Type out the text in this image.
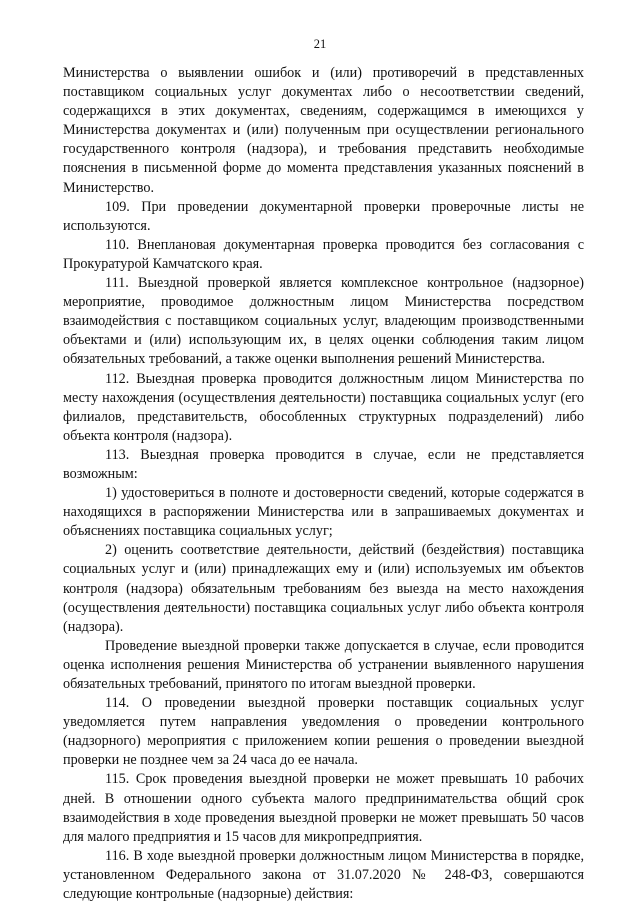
21

Министерства о выявлении ошибок и (или) противоречий в представленных поставщиком социальных услуг документах либо о несоответствии сведений, содержащихся в этих документах, сведениям, содержащимся в имеющихся у Министерства документах и (или) полученным при осуществлении регионального государственного контроля (надзора), и требования представить необходимые пояснения в письменной форме до момента представления указанных пояснений в Министерство.

109. При проведении документарной проверки проверочные листы не используются.

110. Внеплановая документарная проверка проводится без согласования с Прокуратурой Камчатского края.

111. Выездной проверкой является комплексное контрольное (надзорное) мероприятие, проводимое должностным лицом Министерства посредством взаимодействия с поставщиком социальных услуг, владеющим производственными объектами и (или) использующим их, в целях оценки соблюдения таким лицом обязательных требований, а также оценки выполнения решений Министерства.

112. Выездная проверка проводится должностным лицом Министерства по месту нахождения (осуществления деятельности) поставщика социальных услуг (его филиалов, представительств, обособленных структурных подразделений) либо объекта контроля (надзора).

113. Выездная проверка проводится в случае, если не представляется возможным:

1) удостовериться в полноте и достоверности сведений, которые содержатся в находящихся в распоряжении Министерства или в запрашиваемых документах и объяснениях поставщика социальных услуг;

2) оценить соответствие деятельности, действий (бездействия) поставщика социальных услуг и (или) принадлежащих ему и (или) используемых им объектов контроля (надзора) обязательным требованиям без выезда на место нахождения (осуществления деятельности) поставщика социальных услуг либо объекта контроля (надзора).

Проведение выездной проверки также допускается в случае, если проводится оценка исполнения решения Министерства об устранении выявленного нарушения обязательных требований, принятого по итогам выездной проверки.

114. О проведении выездной проверки поставщик социальных услуг уведомляется путем направления уведомления о проведении контрольного (надзорного) мероприятия с приложением копии решения о проведении выездной проверки не позднее чем за 24 часа до ее начала.

115. Срок проведения выездной проверки не может превышать 10 рабочих дней. В отношении одного субъекта малого предпринимательства общий срок взаимодействия в ходе проведения выездной проверки не может превышать 50 часов для малого предприятия и 15 часов для микропредприятия.

116. В ходе выездной проверки должностным лицом Министерства в порядке, установленном Федерального закона от 31.07.2020 № 248-ФЗ, совершаются следующие контрольные (надзорные) действия:
